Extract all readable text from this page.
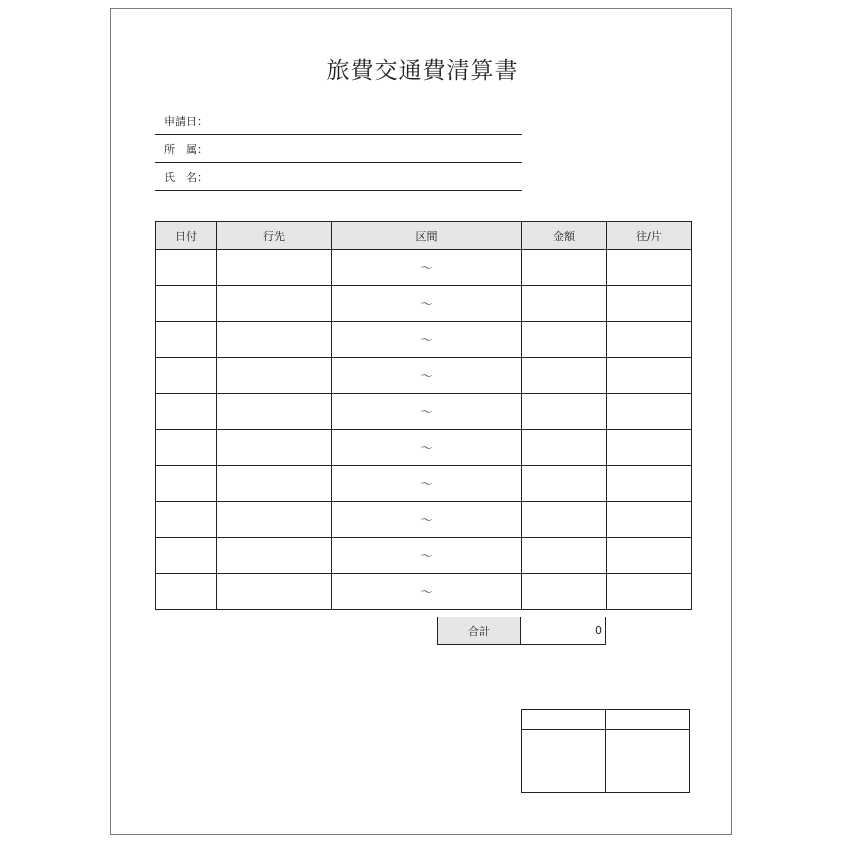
旅費交通費清算書
申請日：
所　属：
氏　名：
日付	行先	区間	金額	往/片
		〜		
		〜		
		〜		
		〜		
		〜		
		〜		
		〜		
		〜		
		〜		
		〜		
合計	0
